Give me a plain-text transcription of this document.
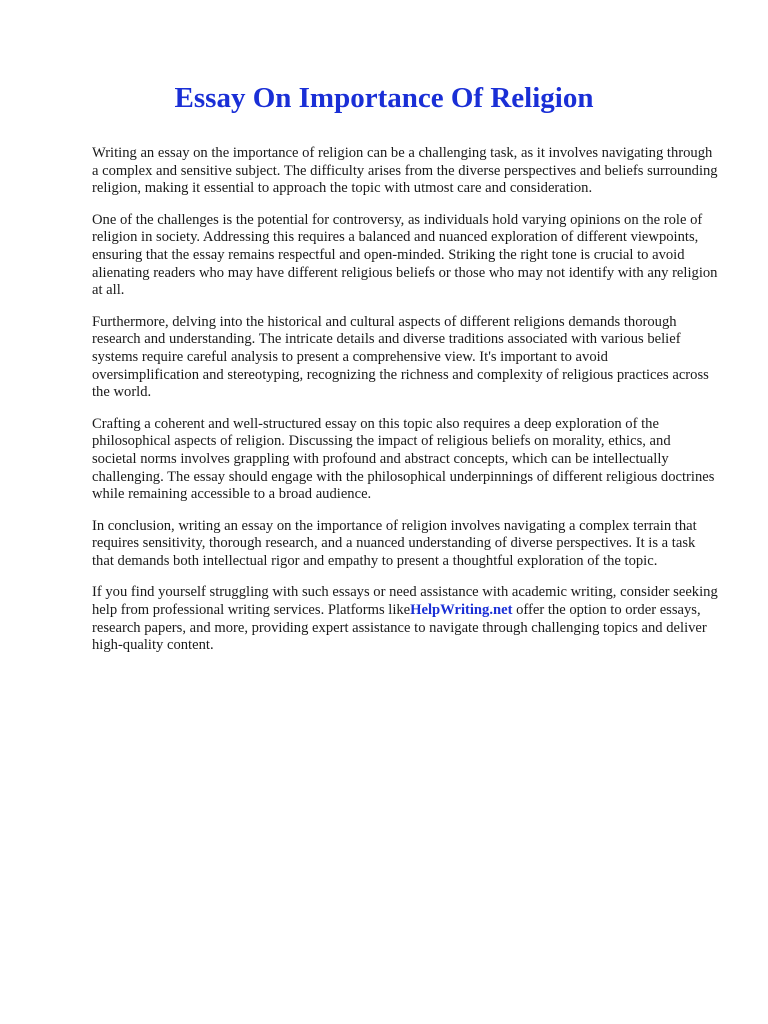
Essay On Importance Of Religion

Writing an essay on the importance of religion can be a challenging task, as it involves navigating through a complex and sensitive subject. The difficulty arises from the diverse perspectives and beliefs surrounding religion, making it essential to approach the topic with utmost care and consideration.

One of the challenges is the potential for controversy, as individuals hold varying opinions on the role of religion in society. Addressing this requires a balanced and nuanced exploration of different viewpoints, ensuring that the essay remains respectful and open-minded. Striking the right tone is crucial to avoid alienating readers who may have different religious beliefs or those who may not identify with any religion at all.

Furthermore, delving into the historical and cultural aspects of different religions demands thorough research and understanding. The intricate details and diverse traditions associated with various belief systems require careful analysis to present a comprehensive view. It's important to avoid oversimplification and stereotyping, recognizing the richness and complexity of religious practices across the world.

Crafting a coherent and well-structured essay on this topic also requires a deep exploration of the philosophical aspects of religion. Discussing the impact of religious beliefs on morality, ethics, and societal norms involves grappling with profound and abstract concepts, which can be intellectually challenging. The essay should engage with the philosophical underpinnings of different religious doctrines while remaining accessible to a broad audience.

In conclusion, writing an essay on the importance of religion involves navigating a complex terrain that requires sensitivity, thorough research, and a nuanced understanding of diverse perspectives. It is a task that demands both intellectual rigor and empathy to present a thoughtful exploration of the topic.

If you find yourself struggling with such essays or need assistance with academic writing, consider seeking help from professional writing services. Platforms likeHelpWriting.net offer the option to order essays, research papers, and more, providing expert assistance to navigate through challenging topics and deliver high-quality content.
